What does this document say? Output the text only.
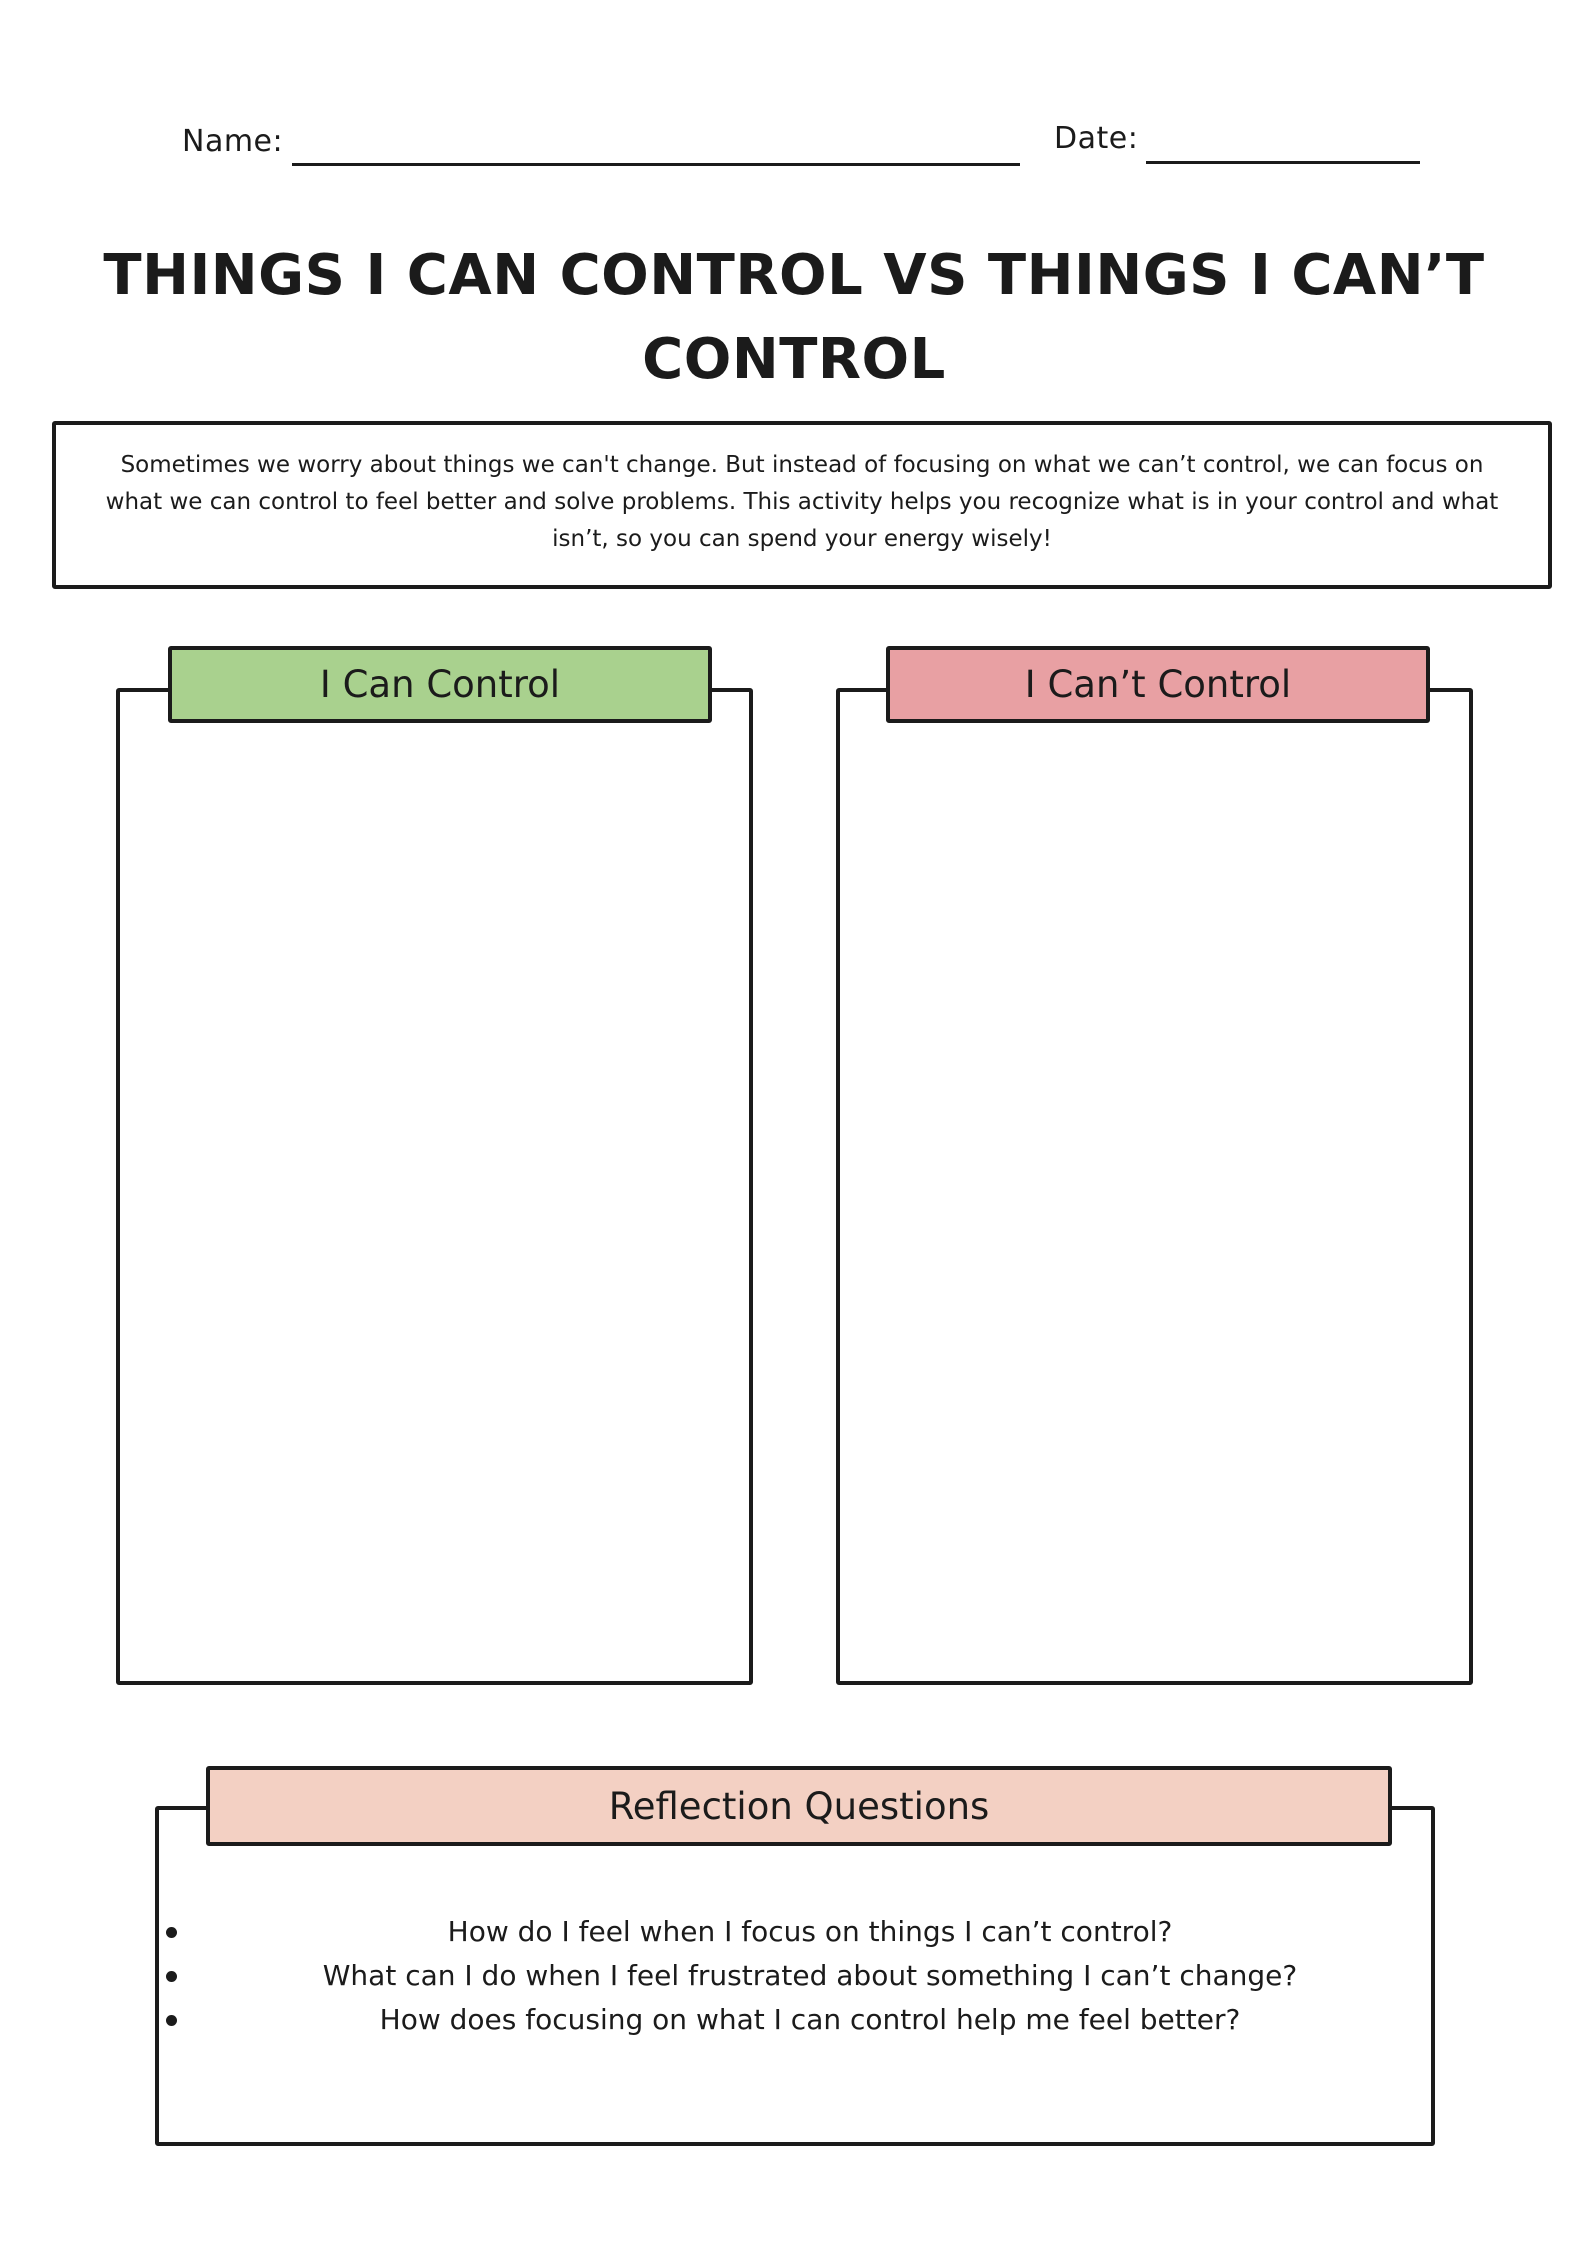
Name:	Date:
THINGS I CAN CONTROL VS THINGS I CAN’T
CONTROL
Sometimes we worry about things we can't change. But instead of focusing on what we can’t control, we can focus on what we can control to feel better and solve problems. This activity helps you recognize what is in your control and what isn’t, so you can spend your energy wisely!
I Can Control	I Can’t Control
Reflection Questions
How do I feel when I focus on things I can’t control?
What can I do when I feel frustrated about something I can’t change?
How does focusing on what I can control help me feel better?
